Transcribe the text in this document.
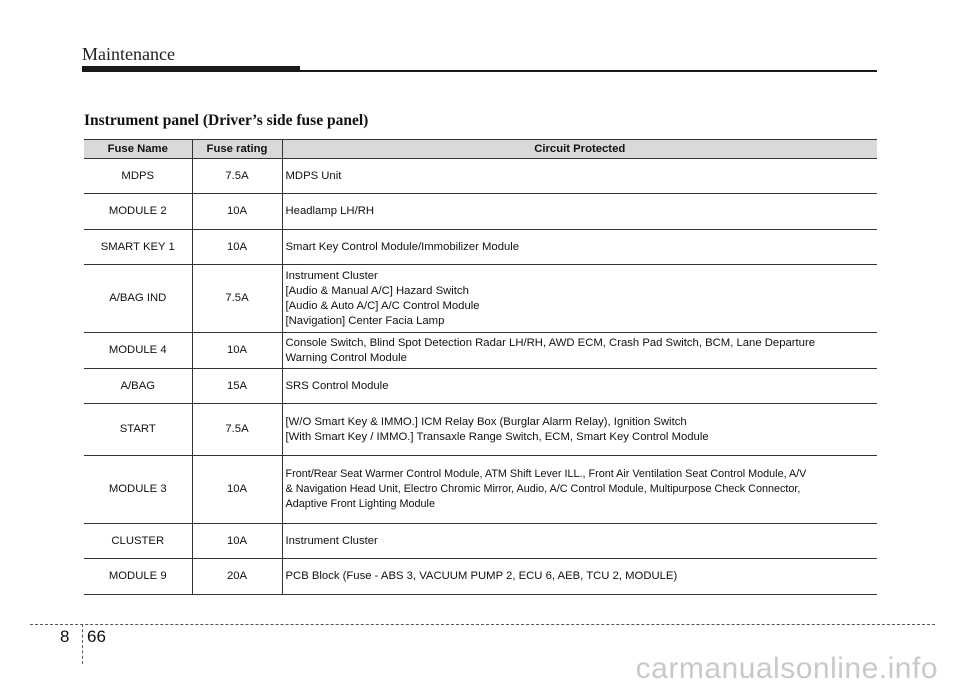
Maintenance
Instrument panel (Driver’s side fuse panel)
Fuse Name	Fuse rating	Circuit Protected
MDPS	7.5A	MDPS Unit

MODULE 2	10A	Headlamp LH/RH

SMART KEY 1	10A	Smart Key Control Module/Immobilizer Module

A/BAG IND	7.5A	Instrument Cluster
[Audio & Manual A/C] Hazard Switch
[Audio & Auto A/C] A/C Control Module
[Navigation] Center Facia Lamp

MODULE 4	10A	Console Switch, Blind Spot Detection Radar LH/RH, AWD ECM, Crash Pad Switch, BCM, Lane Departure
Warning Control Module

A/BAG	15A	SRS Control Module

START	7.5A	[W/O Smart Key & IMMO.] ICM Relay Box (Burglar Alarm Relay), Ignition Switch
[With Smart Key / IMMO.] Transaxle Range Switch, ECM, Smart Key Control Module

MODULE 3	10A	Front/Rear Seat Warmer Control Module, ATM Shift Lever ILL., Front Air Ventilation Seat Control Module, A/V
& Navigation Head Unit, Electro Chromic Mirror, Audio, A/C Control Module, Multipurpose Check Connector,
Adaptive Front Lighting Module

CLUSTER	10A	Instrument Cluster

MODULE 9	20A	PCB Block (Fuse - ABS 3, VACUUM PUMP 2, ECU 6, AEB, TCU 2, MODULE)
8 66
carmanualsonline.info
